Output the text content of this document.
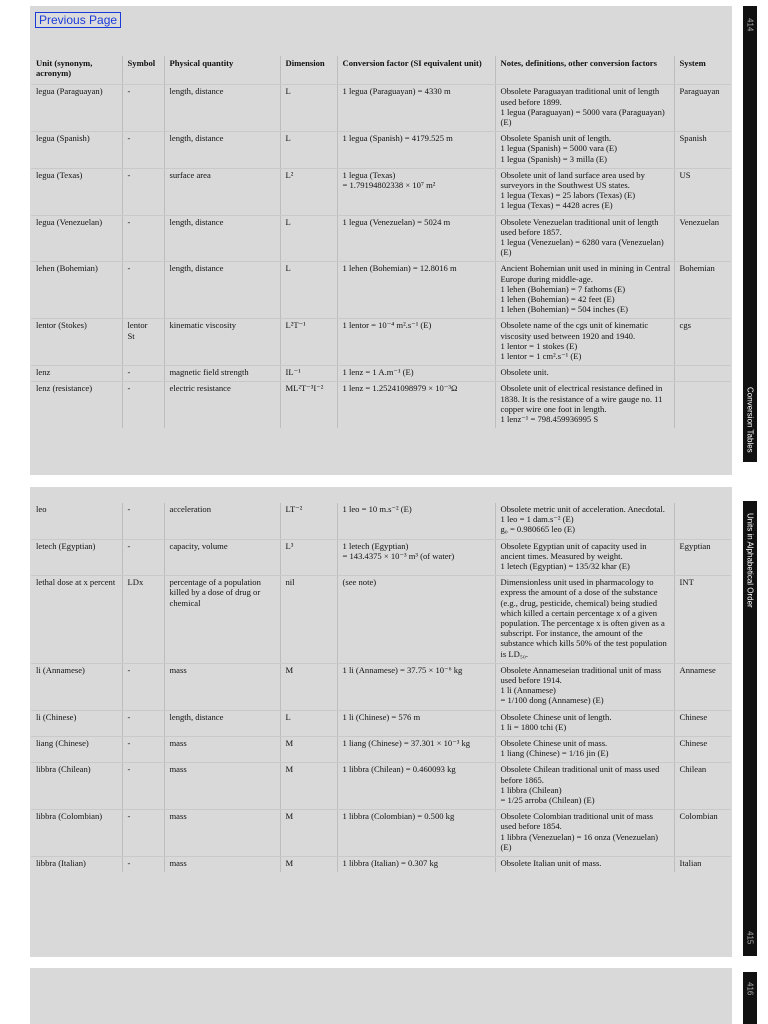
Previous Page
Unit (synonym, acronym)	Symbol	Physical quantity	Dimension	Conversion factor (SI equivalent unit)	Notes, definitions, other conversion factors	System
legua (Paraguayan)	-	length, distance	L	1 legua (Paraguayan) = 4330 m	Obsolete Paraguayan traditional unit of length used before 1899.
1 legua (Paraguayan) = 5000 vara (Paraguayan) (E)	Paraguayan
legua (Spanish)	-	length, distance	L	1 legua (Spanish) = 4179.525 m	Obsolete Spanish unit of length.
1 legua (Spanish) = 5000 vara (E)
1 legua (Spanish) = 3 milla (E)	Spanish
legua (Texas)	-	surface area	L²	1 legua (Texas)
= 1.79194802338 × 10⁷ m²	Obsolete unit of land surface area used by surveyors in the Southwest US states.
1 legua (Texas) = 25 labors (Texas) (E)
1 legua (Texas) = 4428 acres (E)	US
legua (Venezuelan)	-	length, distance	L	1 legua (Venezuelan) = 5024 m	Obsolete Venezuelan traditional unit of length used before 1857.
1 legua (Venezuelan) = 6280 vara (Venezuelan) (E)	Venezuelan
lehen (Bohemian)	-	length, distance	L	1 lehen (Bohemian) = 12.8016 m	Ancient Bohemian unit used in mining in Central Europe during middle-age.
1 lehen (Bohemian) = 7 fathoms (E)
1 lehen (Bohemian) = 42 feet (E)
1 lehen (Bohemian) = 504 inches (E)	Bohemian
lentor (Stokes)	lentor
St	kinematic viscosity	L²T⁻¹	1 lentor = 10⁻⁴ m².s⁻¹ (E)	Obsolete name of the cgs unit of kinematic viscosity used between 1920 and 1940.
1 lentor = 1 stokes (E)
1 lentor = 1 cm².s⁻¹ (E)	cgs
lenz	-	magnetic field strength	IL⁻¹	1 lenz = 1 A.m⁻¹ (E)	Obsolete unit.	
lenz (resistance)	-	electric resistance	ML²T⁻³I⁻²	1 lenz = 1.25241098979 × 10⁻³Ω	Obsolete unit of electrical resistance defined in 1838. It is the resistance of a wire gauge no. 11 copper wire one foot in length.
1 lenz⁻¹ = 798.459936995 S	
leo	-	acceleration	LT⁻²	1 leo = 10 m.s⁻² (E)	Obsolete metric unit of acceleration. Anecdotal.
1 leo = 1 dam.s⁻² (E)
g₀ = 0.980665 leo (E)	
letech (Egyptian)	-	capacity, volume	L³	1 letech (Egyptian)
= 143.4375 × 10⁻³ m³ (of water)	Obsolete Egyptian unit of capacity used in ancient times. Measured by weight.
1 letech (Egyptian) = 135/32 khar (E)	Egyptian
lethal dose at x percent	LDx	percentage of a population killed by a dose of drug or chemical	nil	(see note)	Dimensionless unit used in pharmacology to express the amount of a dose of the substance (e.g., drug, pesticide, chemical) being studied which killed a certain percentage x of a given population. The percentage x is often given as a subscript. For instance, the amount of the substance which kills 50% of the test population is LD₅₀.	INT
li (Annamese)	-	mass	M	1 li (Annamese) = 37.75 × 10⁻⁶ kg	Obsolete Annameseian traditional unit of mass used before 1914.
1 li (Annamese)
= 1/100 dong (Annamese) (E)	Annamese
li (Chinese)	-	length, distance	L	1 li (Chinese) = 576 m	Obsolete Chinese unit of length.
1 li = 1800 tchi (E)	Chinese
liang (Chinese)	-	mass	M	1 liang (Chinese) = 37.301 × 10⁻³ kg	Obsolete Chinese unit of mass.
1 liang (Chinese) = 1/16 jin (E)	Chinese
libbra (Chilean)	-	mass	M	1 libbra (Chilean) = 0.460093 kg	Obsolete Chilean traditional unit of mass used before 1865.
1 libbra (Chilean)
= 1/25 arroba (Chilean) (E)	Chilean
libbra (Colombian)	-	mass	M	1 libbra (Colombian) = 0.500 kg	Obsolete Colombian traditional unit of mass used before 1854.
1 libbra (Venezuelan) = 16 onza (Venezuelan) (E)	Colombian
libbra (Italian)	-	mass	M	1 libbra (Italian) = 0.307 kg	Obsolete Italian unit of mass.	Italian
414
Conversion Tables
Units in Alphabetical Order
415
416
